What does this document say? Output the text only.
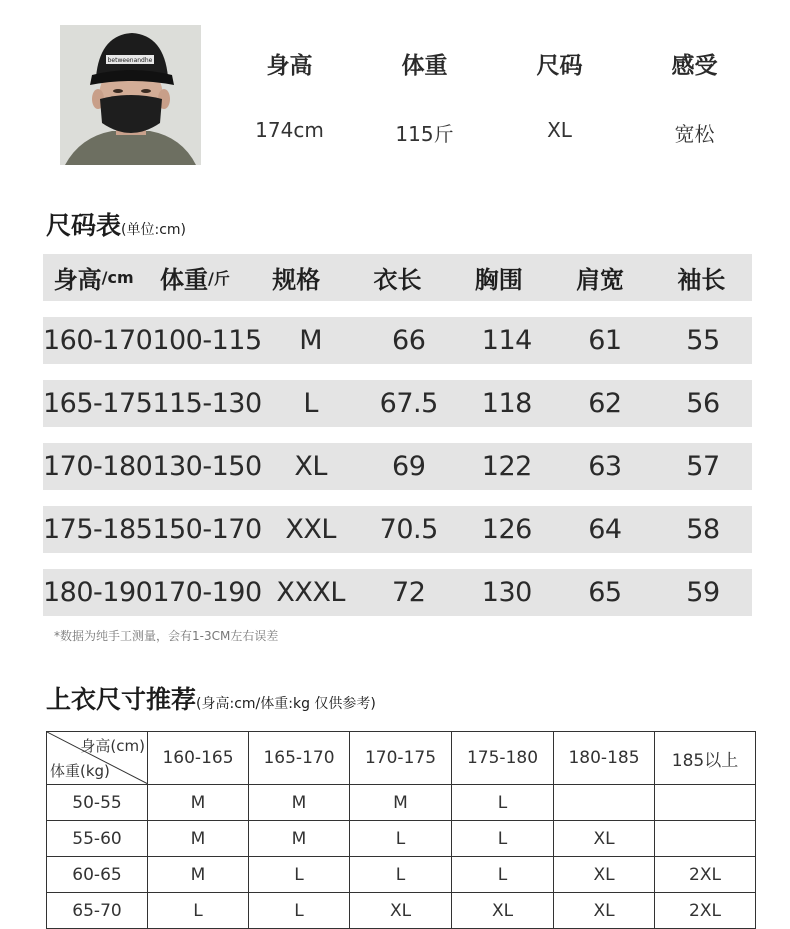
betweenandhe	身高	体重	尺码	感受
174cm	115斤	XL	宽松
尺码表(单位:cm)
身高 /cm 体重 /斤 规格 衣长 胸围 肩宽 袖长
160-170 100-115	M	66	114	61	55
165-175 115-130	L	67.5	118	62	56
170-180 130-150	XL	69	122	63	57
175-185 150-170 XXL	70.5	126	64	58
180-190 170-190 XXXL	72	130	65	59
*数据为纯手工测量，会有1-3CM左右误差
上衣尺寸推荐(身高:cm/体重:kg 仅供参考)
身高(cm)
体重(kg)	160-165	165-170	170-175	175-180	180-185	185以上
50-55	M	M	M	L		
55-60	M	M	L	L	XL	
60-65	M	L	L	L	XL	2XL
65-70	L	L	XL	XL	XL	2XL
